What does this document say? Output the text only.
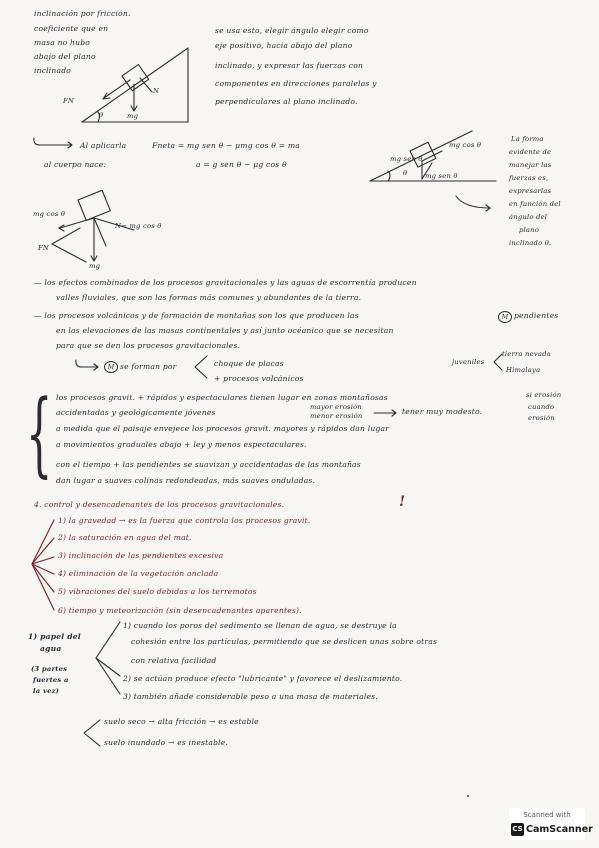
inclinación por fricción.
coeficiente que en
masa no hubo
abajo del plano
inclinado
se usa esto, elegir ángulo elegir como
eje positivo, hacia abajo del plano
inclinado, y expresar las fuerzas con
componentes en direcciones paralelas y
perpendiculares al plano inclinado.
FN
mg
N
θ
Al aplicarla
al cuerpo nace:
Fneta = mg sen θ − μmg cos θ = ma
a = g sen θ − μg cos θ
mg cos θ
mg sen θ
mg sen θ
θ
La forma
evidente de
manejar las
fuerzas es,
expresarlas
en función del
ángulo del
plano
inclinado θ.
mg cos θ
FN
N= mg cos θ
mg
— los efectos combinados de los procesos gravitacionales y las aguas de escorrentía producen
valles fluviales, que son las formas más comunes y abundantes de la tierra.
— los procesos volcánicos y de formación de montañas son los que producen las	M pendientes
en las elevaciones de las masas continentales y así junto océanico que se necesitan
para que se den los procesos gravitacionales.
M se forman por	choque de placas
+ procesos volcánicos
tierra nevada
juveniles
Himalaya
{ los procesos gravit. + rápidos y espectaculares tienen lugar en zonas montañosas	si erosión
accidentadas y geológicamente jóvenes
mayor erosión
menor erosión	tener muy modesto.	cuando
erosión
a medida que el paisaje envejece los procesos gravit. mayores y rápidos dan lugar
a movimientos graduales abajo + ley y menos espectaculares.
con el tiempo + las pendientes se suavizan y accidentadas de las montañas
dan lugar a suaves colinas redondeadas, más suaves onduladas.
4. control y desencadenantes de los procesos gravitacionales.	!
1) la gravedad → es la fuerza que controla los procesos gravit.
2) la saturación en agua del mat.
3) inclinación de las pendientes excesiva
4) eliminación de la vegetación anclada
5) vibraciones del suelo debidas a los terremotos
6) tiempo y meteorización (sin desencadenantes aparentes).
1) papel del
agua
(3 partes
fuertes a
la vez)
1) cuando los poros del sedimento se llenan de agua, se destruye la
cohesión entre las partículas, permitiendo que se deslicen unas sobre otras
con relativa facilidad
2) se actúan produce efecto "lubricante" y favorece el deslizamiento.
3) también añade considerable peso a una masa de materiales.
suelo seco → alta fricción → es estable
suelo inundado → es inestable.
Scanned with
CS CamScanner
